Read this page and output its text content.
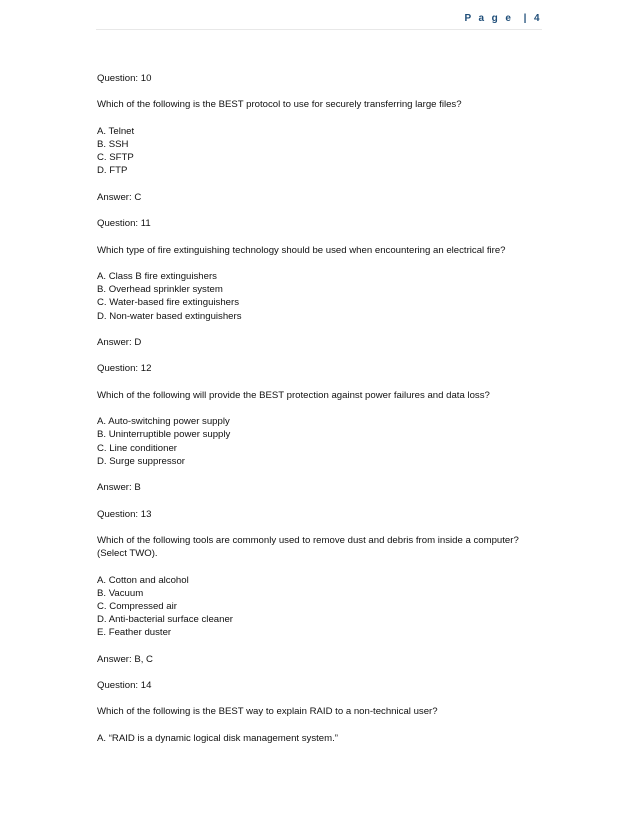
P a g e  | 4
Question: 10
Which of the following is the BEST protocol to use for securely transferring large files?
A. Telnet
B. SSH
C. SFTP
D. FTP
Answer: C
Question: 11
Which type of fire extinguishing technology should be used when encountering an electrical fire?
A. Class B fire extinguishers
B. Overhead sprinkler system
C. Water-based fire extinguishers
D. Non-water based extinguishers
Answer: D
Question: 12
Which of the following will provide the BEST protection against power failures and data loss?
A. Auto-switching power supply
B. Uninterruptible power supply
C. Line conditioner
D. Surge suppressor
Answer: B
Question: 13
Which of the following tools are commonly used to remove dust and debris from inside a computer?
(Select TWO).
A. Cotton and alcohol
B. Vacuum
C. Compressed air
D. Anti-bacterial surface cleaner
E. Feather duster
Answer: B, C
Question: 14
Which of the following is the BEST way to explain RAID to a non-technical user?
A. “RAID is a dynamic logical disk management system.”
